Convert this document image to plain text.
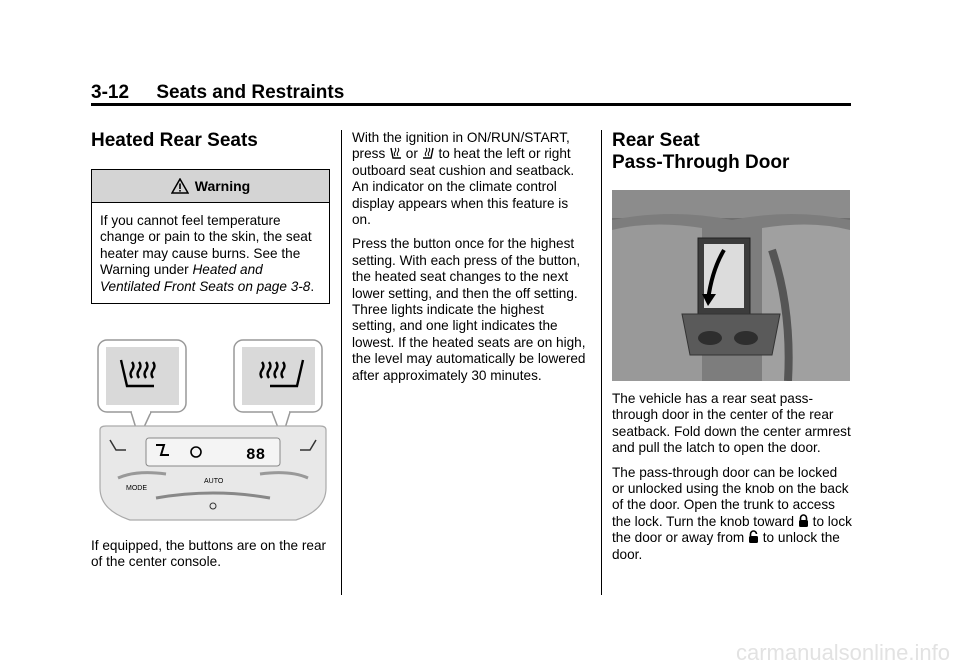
3-12 Seats and Restraints
Heated Rear Seats
Warning
If you cannot feel temperature change or pain to the skin, the seat heater may cause burns. See the Warning under Heated and Ventilated Front Seats on page 3-8.
88
AUTO
MODE
If equipped, the buttons are on the rear of the center console.

With the ignition in ON/RUN/START, press  or  to heat the left or right outboard seat cushion and seatback. An indicator on the climate control display appears when this feature is on.

Press the button once for the highest setting. With each press of the button, the heated seat changes to the next lower setting, and then the off setting. Three lights indicate the highest setting, and one light indicates the lowest. If the heated seats are on high, the level may automatically be lowered after approximately 30 minutes.

Rear Seat
Pass-Through Door

The vehicle has a rear seat pass-through door in the center of the rear seatback. Fold down the center armrest and pull the latch to open the door.

The pass-through door can be locked or unlocked using the knob on the back of the door. Open the trunk to access the lock. Turn the knob toward  to lock the door or away from  to unlock the door.

carmanualsonline.info
